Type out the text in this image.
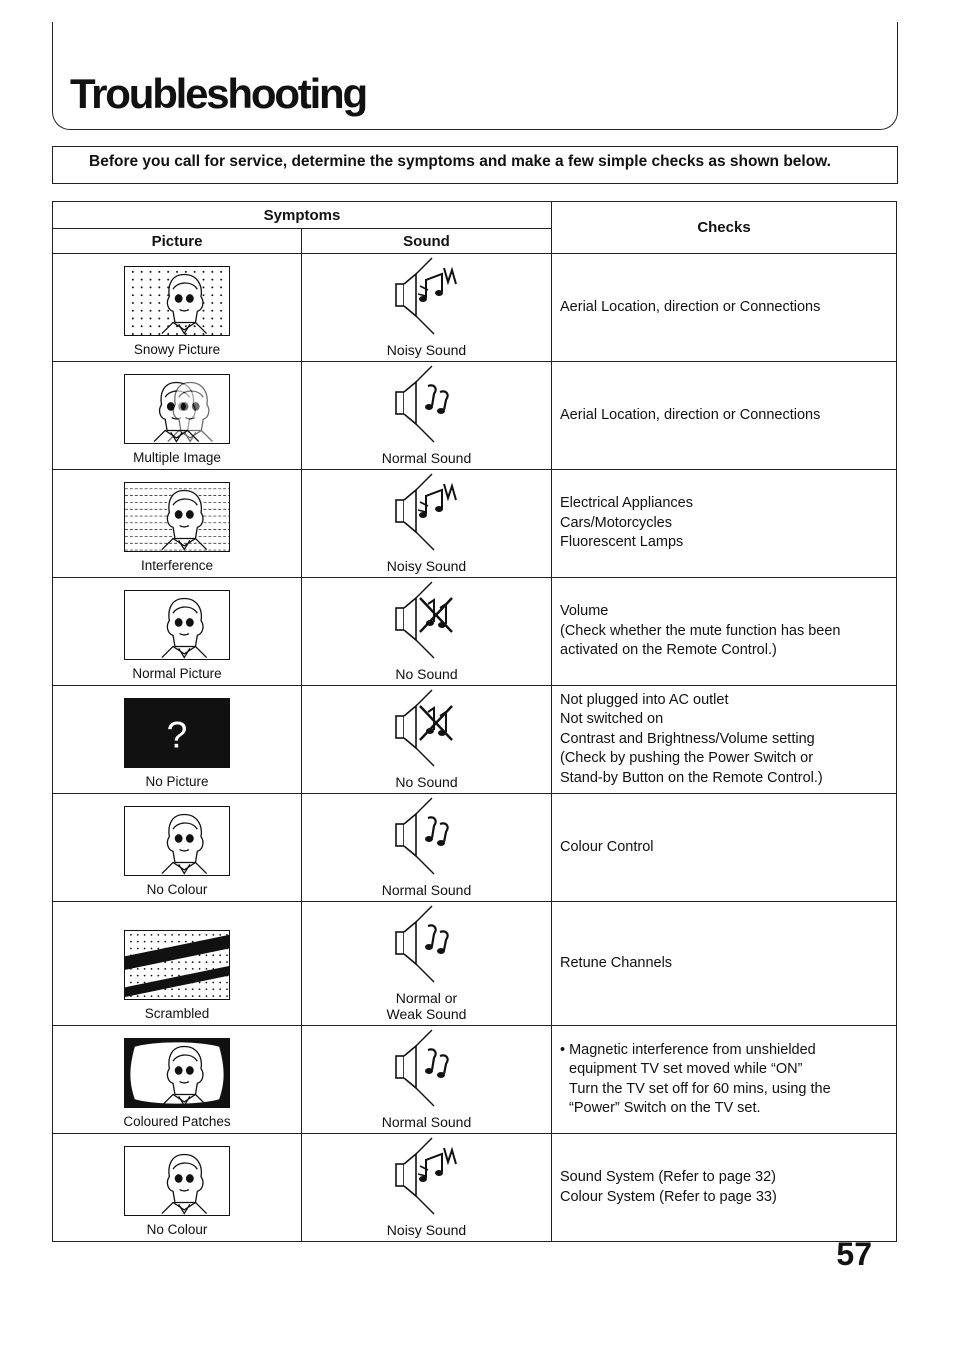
Troubleshooting
Before you call for service, determine the symptoms and make a few simple checks as shown below.
Symptoms		Checks
Picture	Sound	

Snowy Picture	Noisy Sound	Aerial Location, direction or Connections

Multiple Image	Normal Sound	Aerial Location, direction or Connections

Interference	Noisy Sound	Electrical Appliances
Cars/Motorcycles
Fluorescent Lamps

Normal Picture	No Sound	Volume
(Check whether the mute function has been
activated on the Remote Control.)

?
No Picture	No Sound	Not plugged into AC outlet
Not switched on
Contrast and Brightness/Volume setting
(Check by pushing the Power Switch or
Stand-by Button on the Remote Control.)

No Colour	Normal Sound	Colour Control

Scrambled	Normal or
Weak Sound	Retune Channels

Coloured Patches	Normal Sound	• Magnetic interference from unshielded
equipment TV set moved while “ON”
Turn the TV set off for 60 mins, using the
“Power” Switch on the TV set.

No Colour	Noisy Sound	Sound System (Refer to page 32)
Colour System (Refer to page 33)
57
